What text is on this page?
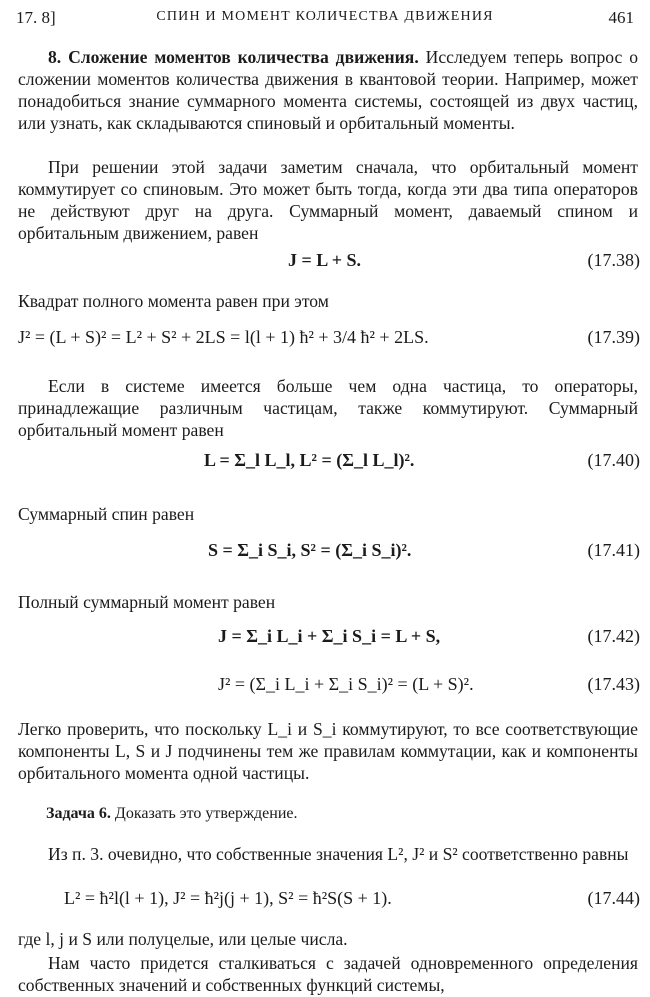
17. 8]	СПИН И МОМЕНТ КОЛИЧЕСТВА ДВИЖЕНИЯ	461
8. Сложение моментов количества движения. Исследуем теперь вопрос о сложении моментов количества движения в квантовой теории. Например, может понадобиться знание суммарного момента системы, состоящей из двух частиц, или узнать, как складываются спиновый и орбитальный моменты.
При решении этой задачи заметим сначала, что орбитальный момент коммутирует со спиновым. Это может быть тогда, когда эти два типа операторов не действуют друг на друга. Суммарный момент, даваемый спином и орбитальным движением, равен
J = L + S.	(17.38)
Квадрат полного момента равен при этом
J² = (L + S)² = L² + S² + 2LS = l(l + 1) ħ² + 3/4 ħ² + 2LS.	(17.39)
Если в системе имеется больше чем одна частица, то операторы, принадлежащие различным частицам, также коммутируют. Суммарный орбитальный момент равен
L = Σ_l L_l, L² = (Σ_l L_l)².	(17.40)
Суммарный спин равен
S = Σ_i S_i, S² = (Σ_i S_i)².	(17.41)
Полный суммарный момент равен
J = Σ_i L_i + Σ_i S_i = L + S,	(17.42)
J² = (Σ_i L_i + Σ_i S_i)² = (L + S)².	(17.43)
Легко проверить, что поскольку L_i и S_i коммутируют, то все соответствующие компоненты L, S и J подчинены тем же правилам коммутации, как и компоненты орбитального момента одной частицы.
Задача 6. Доказать это утверждение.
Из п. 3. очевидно, что собственные значения L², J² и S² соответственно равны
L² = ħ²l(l + 1), J² = ħ²j(j + 1), S² = ħ²S(S + 1).	(17.44)
где l, j и S или полуцелые, или целые числа.
Нам часто придется сталкиваться с задачей одновременного определения собственных значений и собственных функций системы,
